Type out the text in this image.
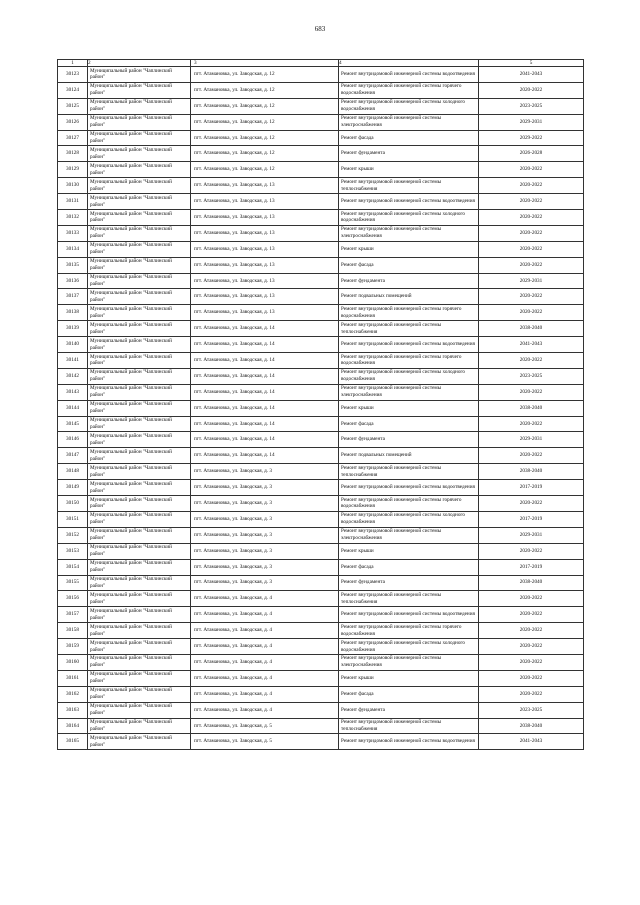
683
1	2	3	4	5
30123	Муниципальный район "Чаплинский район"	пгт. Атамановка, ул. Заводская, д. 12	Ремонт внутридомовой инженерной системы водоотведения	2041-2043
30124	Муниципальный район "Чаплинский район"	пгт. Атамановка, ул. Заводская, д. 12	Ремонт внутридомовой инженерной системы горячего водоснабжения	2020-2022
30125	Муниципальный район "Чаплинский район"	пгт. Атамановка, ул. Заводская, д. 12	Ремонт внутридомовой инженерной системы холодного водоснабжения	2023-2025
30126	Муниципальный район "Чаплинский район"	пгт. Атамановка, ул. Заводская, д. 12	Ремонт внутридомовой инженерной системы электроснабжения	2029-2031
30127	Муниципальный район "Чаплинский район"	пгт. Атамановка, ул. Заводская, д. 12	Ремонт фасада	2029-2022
30128	Муниципальный район "Чаплинский район"	пгт. Атамановка, ул. Заводская, д. 12	Ремонт фундамента	2026-2028
30129	Муниципальный район "Чаплинский район"	пгт. Атамановка, ул. Заводская, д. 12	Ремонт крыши	2020-2022
30130	Муниципальный район "Чаплинский район"	пгт. Атамановка, ул. Заводская, д. 13	Ремонт внутридомовой инженерной системы теплоснабжения	2020-2022
30131	Муниципальный район "Чаплинский район"	пгт. Атамановка, ул. Заводская, д. 13	Ремонт внутридомовой инженерной системы водоотведения	2020-2022
30132	Муниципальный район "Чаплинский район"	пгт. Атамановка, ул. Заводская, д. 13	Ремонт внутридомовой инженерной системы холодного водоснабжения	2020-2022
30133	Муниципальный район "Чаплинский район"	пгт. Атамановка, ул. Заводская, д. 13	Ремонт внутридомовой инженерной системы электроснабжения	2020-2022
30134	Муниципальный район "Чаплинский район"	пгт. Атамановка, ул. Заводская, д. 13	Ремонт крыши	2020-2022
30135	Муниципальный район "Чаплинский район"	пгт. Атамановка, ул. Заводская, д. 13	Ремонт фасада	2020-2022
30136	Муниципальный район "Чаплинский район"	пгт. Атамановка, ул. Заводская, д. 13	Ремонт фундамента	2029-2031
30137	Муниципальный район "Чаплинский район"	пгт. Атамановка, ул. Заводская, д. 13	Ремонт подвальных помещений	2020-2022
30138	Муниципальный район "Чаплинский район"	пгт. Атамановка, ул. Заводская, д. 13	Ремонт внутридомовой инженерной системы горячего водоснабжения	2020-2022
30139	Муниципальный район "Чаплинский район"	пгт. Атамановка, ул. Заводская, д. 14	Ремонт внутридомовой инженерной системы теплоснабжения	2038-2040
30140	Муниципальный район "Чаплинский район"	пгт. Атамановка, ул. Заводская, д. 14	Ремонт внутридомовой инженерной системы водоотведения	2041-2043
30141	Муниципальный район "Чаплинский район"	пгт. Атамановка, ул. Заводская, д. 14	Ремонт внутридомовой инженерной системы горячего водоснабжения	2020-2022
30142	Муниципальный район "Чаплинский район"	пгт. Атамановка, ул. Заводская, д. 14	Ремонт внутридомовой инженерной системы холодного водоснабжения	2023-2025
30143	Муниципальный район "Чаплинский район"	пгт. Атамановка, ул. Заводская, д. 14	Ремонт внутридомовой инженерной системы электроснабжения	2020-2022
30144	Муниципальный район "Чаплинский район"	пгт. Атамановка, ул. Заводская, д. 14	Ремонт крыши	2038-2040
30145	Муниципальный район "Чаплинский район"	пгт. Атамановка, ул. Заводская, д. 14	Ремонт фасада	2020-2022
30146	Муниципальный район "Чаплинский район"	пгт. Атамановка, ул. Заводская, д. 14	Ремонт фундамента	2029-2031
30147	Муниципальный район "Чаплинский район"	пгт. Атамановка, ул. Заводская, д. 14	Ремонт подвальных помещений	2020-2022
30148	Муниципальный район "Чаплинский район"	пгт. Атамановка, ул. Заводская, д. 3	Ремонт внутридомовой инженерной системы теплоснабжения	2038-2040
30149	Муниципальный район "Чаплинский район"	пгт. Атамановка, ул. Заводская, д. 3	Ремонт внутридомовой инженерной системы водоотведения	2017-2019
30150	Муниципальный район "Чаплинский район"	пгт. Атамановка, ул. Заводская, д. 3	Ремонт внутридомовой инженерной системы горячего водоснабжения	2020-2022
30151	Муниципальный район "Чаплинский район"	пгт. Атамановка, ул. Заводская, д. 3	Ремонт внутридомовой инженерной системы холодного водоснабжения	2017-2019
30152	Муниципальный район "Чаплинский район"	пгт. Атамановка, ул. Заводская, д. 3	Ремонт внутридомовой инженерной системы электроснабжения	2029-2031
30153	Муниципальный район "Чаплинский район"	пгт. Атамановка, ул. Заводская, д. 3	Ремонт крыши	2020-2022
30154	Муниципальный район "Чаплинский район"	пгт. Атамановка, ул. Заводская, д. 3	Ремонт фасада	2017-2019
30155	Муниципальный район "Чаплинский район"	пгт. Атамановка, ул. Заводская, д. 3	Ремонт фундамента	2038-2040
30156	Муниципальный район "Чаплинский район"	пгт. Атамановка, ул. Заводская, д. 4	Ремонт внутридомовой инженерной системы теплоснабжения	2020-2022
30157	Муниципальный район "Чаплинский район"	пгт. Атамановка, ул. Заводская, д. 4	Ремонт внутридомовой инженерной системы водоотведения	2020-2022
30158	Муниципальный район "Чаплинский район"	пгт. Атамановка, ул. Заводская, д. 4	Ремонт внутридомовой инженерной системы горячего водоснабжения	2020-2022
30159	Муниципальный район "Чаплинский район"	пгт. Атамановка, ул. Заводская, д. 4	Ремонт внутридомовой инженерной системы холодного водоснабжения	2020-2022
30160	Муниципальный район "Чаплинский район"	пгт. Атамановка, ул. Заводская, д. 4	Ремонт внутридомовой инженерной системы электроснабжения	2020-2022
30161	Муниципальный район "Чаплинский район"	пгт. Атамановка, ул. Заводская, д. 4	Ремонт крыши	2020-2022
30162	Муниципальный район "Чаплинский район"	пгт. Атамановка, ул. Заводская, д. 4	Ремонт фасада	2020-2022
30163	Муниципальный район "Чаплинский район"	пгт. Атамановка, ул. Заводская, д. 4	Ремонт фундамента	2023-2025
30164	Муниципальный район "Чаплинский район"	пгт. Атамановка, ул. Заводская, д. 5	Ремонт внутридомовой инженерной системы теплоснабжения	2038-2040
30165	Муниципальный район "Чаплинский район"	пгт. Атамановка, ул. Заводская, д. 5	Ремонт внутридомовой инженерной системы водоотведения	2041-2043
